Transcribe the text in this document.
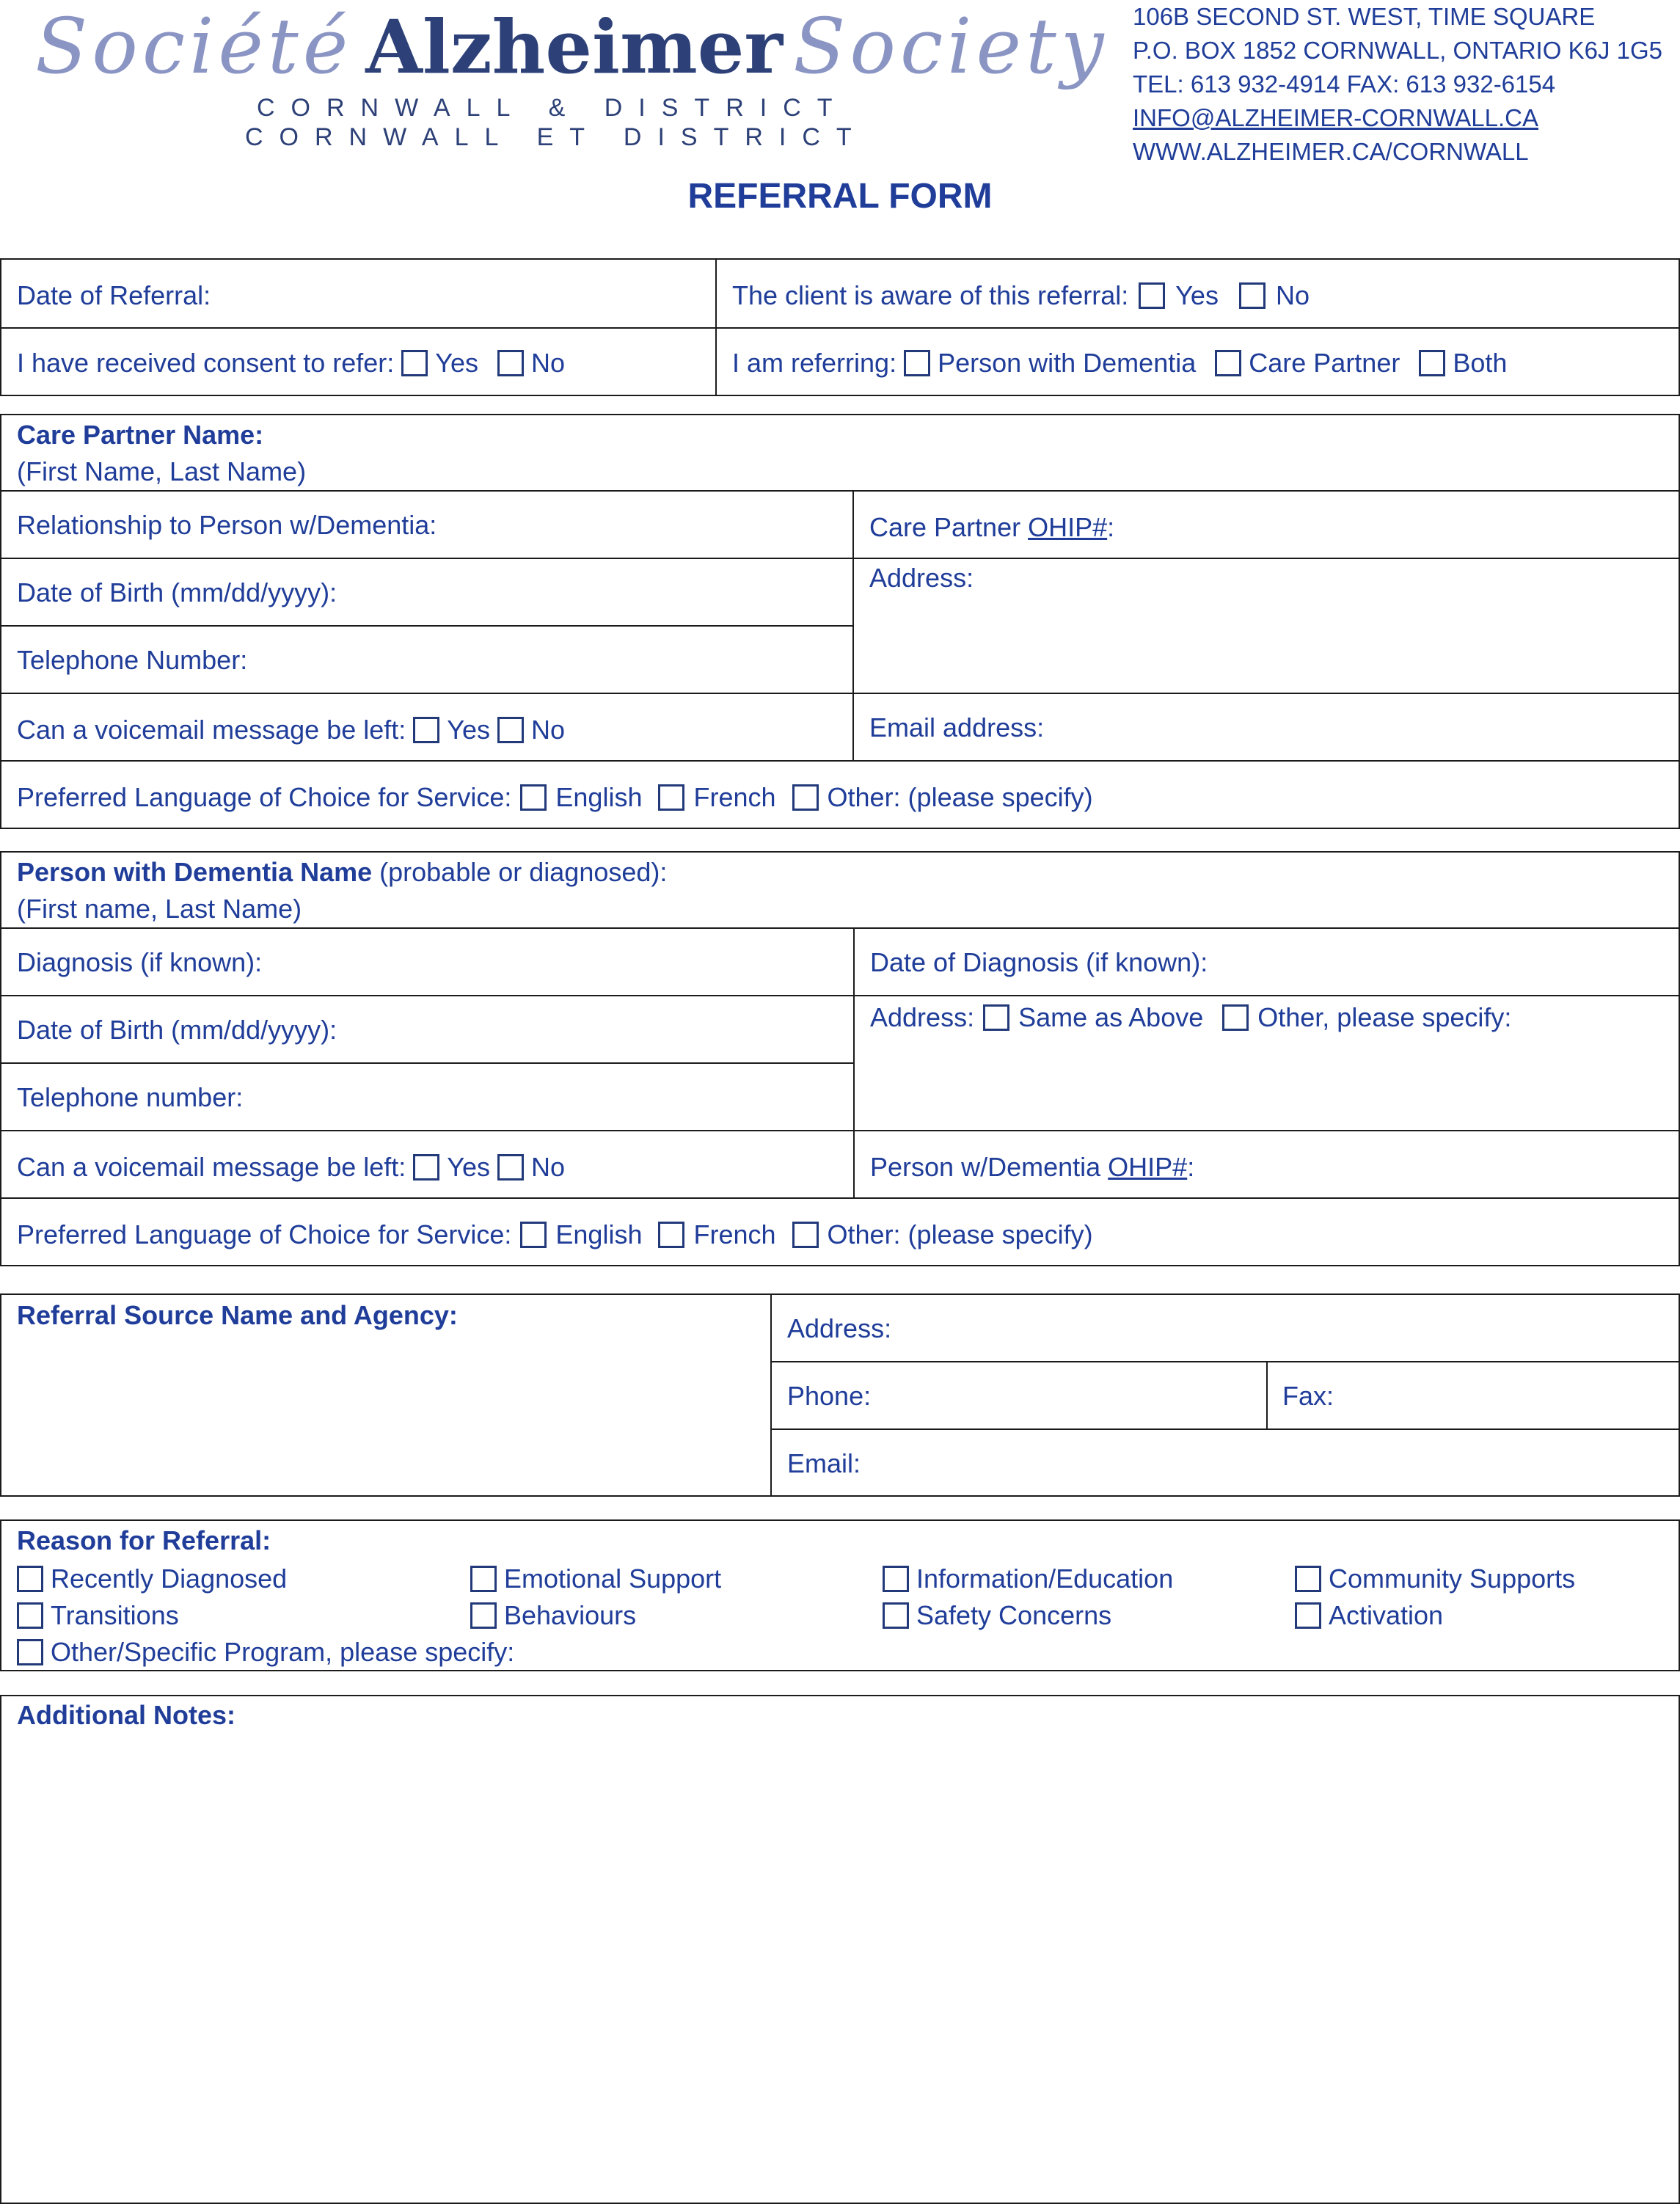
Société Alzheimer Society
CORNWALL & DISTRICT
CORNWALL ET DISTRICT
106B SECOND ST. WEST, TIME SQUARE
P.O. BOX 1852 CORNWALL, ONTARIO K6J 1G5
TEL: 613 932-4914 FAX: 613 932-6154
INFO@ALZHEIMER-CORNWALL.CA
WWW.ALZHEIMER.CA/CORNWALL
REFERRAL FORM
Date of Referral:	The client is aware of this referral: Yes No
I have received consent to refer: Yes No	I am referring: Person with Dementia Care Partner Both
Care Partner Name:
(First Name, Last Name)
Relationship to Person w/Dementia:	Care Partner OHIP# :
Date of Birth (mm/dd/yyyy):	Address:
Telephone Number:
Can a voicemail message be left: Yes No	Email address:
Preferred Language of Choice for Service: English French Other: (please specify)
Person with Dementia Name (probable or diagnosed):
(First name, Last Name)
Diagnosis (if known):	Date of Diagnosis (if known):
Date of Birth (mm/dd/yyyy):	Address: Same as Above Other, please specify:
Telephone number:
Can a voicemail message be left: Yes No	Person w/Dementia OHIP# :
Preferred Language of Choice for Service: English French Other: (please specify)
Referral Source Name and Agency:	Address:
Phone:	Fax:
Email:
Reason for Referral:
Recently Diagnosed	Emotional Support	Information/Education	Community Supports
Transitions	Behaviours	Safety Concerns	Activation
Other/Specific Program, please specify:
Additional Notes:
